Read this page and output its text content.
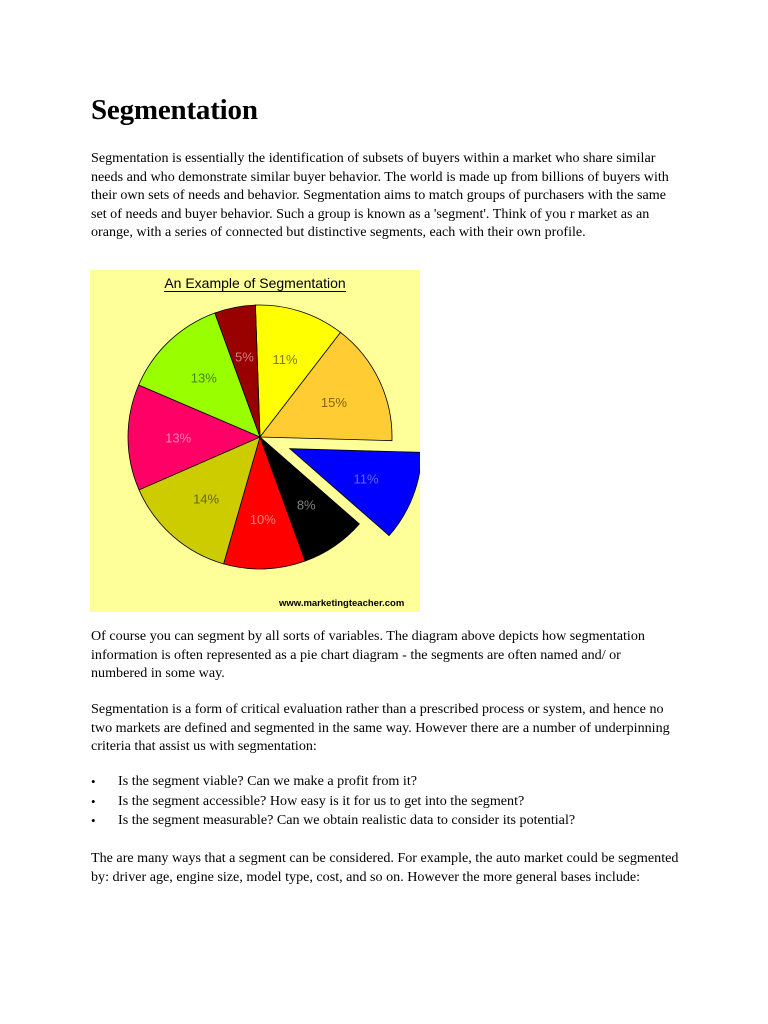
Segmentation

Segmentation is essentially the identification of subsets of buyers within a market who share similar needs and who demonstrate similar buyer behavior. The world is made up from billions of buyers with their own sets of needs and behavior. Segmentation aims to match groups of purchasers with the same set of needs and buyer behavior. Such a group is known as a 'segment'. Think of you r market as an orange, with a series of connected but distinctive segments, each with their own profile.

Of course you can segment by all sorts of variables. The diagram above depicts how segmentation information is often represented as a pie chart diagram - the segments are often named and/ or numbered in some way.

Segmentation is a form of critical evaluation rather than a prescribed process or system, and hence no two markets are defined and segmented in the same way. However there are a number of underpinning criteria that assist us with segmentation:

•	Is the segment viable? Can we make a profit from it?
•	Is the segment accessible? How easy is it for us to get into the segment?
•	Is the segment measurable? Can we obtain realistic data to consider its potential?

The are many ways that a segment can be considered. For example, the auto market could be segmented by: driver age, engine size, model type, cost, and so on. However the more general bases include:

An Example of Segmentation
11%
15%
11%
8%
10%
14%
13%
13%
5%
www.marketingteacher.com
